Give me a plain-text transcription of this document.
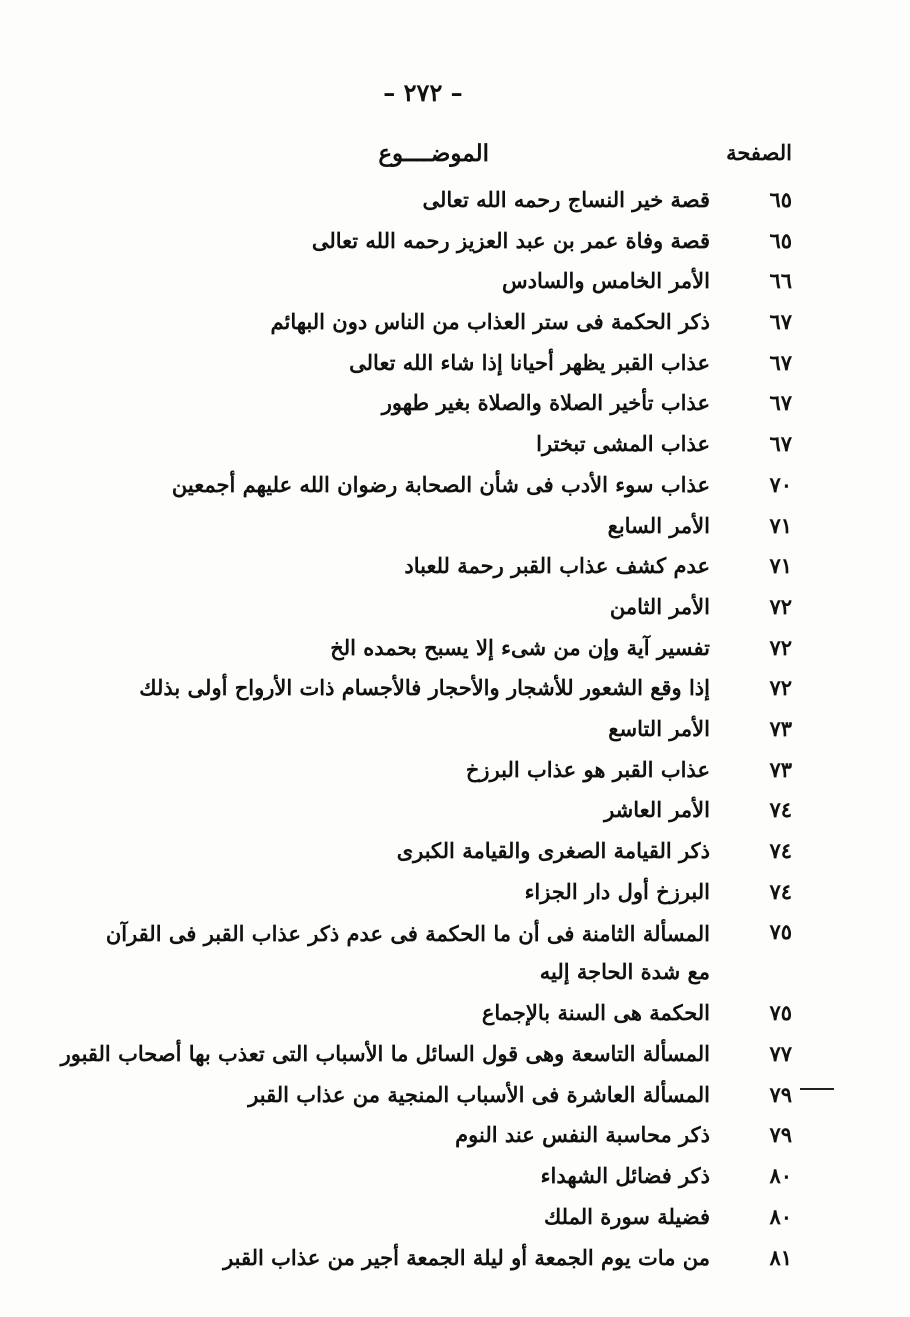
– ٢٧٢ –
الصفحة
الموضــــوع
٦٥
قصة خير النساج رحمه الله تعالى
٦٥
قصة وفاة عمر بن عبد العزيز رحمه الله تعالى
٦٦
الأمر الخامس والسادس
٦٧
ذكر الحكمة فى ستر العذاب من الناس دون البهائم
٦٧
عذاب القبر يظهر أحيانا إذا شاء الله تعالى
٦٧
عذاب تأخير الصلاة والصلاة بغير طهور
٦٧
عذاب المشى تبخترا
٧٠
عذاب سوء الأدب فى شأن الصحابة رضوان الله عليهم أجمعين
٧١
الأمر السابع
٧١
عدم كشف عذاب القبر رحمة للعباد
٧٢
الأمر الثامن
٧٢
تفسير آية وإن من شىء إلا يسبح بحمده الخ
٧٢
إذا وقع الشعور للأشجار والأحجار فالأجسام ذات الأرواح أولى بذلك
٧٣
الأمر التاسع
٧٣
عذاب القبر هو عذاب البرزخ
٧٤
الأمر العاشر
٧٤
ذكر القيامة الصغرى والقيامة الكبرى
٧٤
البرزخ أول دار الجزاء
٧٥
المسألة الثامنة فى أن ما الحكمة فى عدم ذكر عذاب القبر فى القرآن مع شدة الحاجة إليه
٧٥
الحكمة هى السنة بالإجماع
٧٧
المسألة التاسعة وهى قول السائل ما الأسباب التى تعذب بها أصحاب القبور
٧٩
المسألة العاشرة فى الأسباب المنجية من عذاب القبر
٧٩
ذكر محاسبة النفس عند النوم
٨٠
ذكر فضائل الشهداء
٨٠
فضيلة سورة الملك
٨١
من مات يوم الجمعة أو ليلة الجمعة أجير من عذاب القبر
